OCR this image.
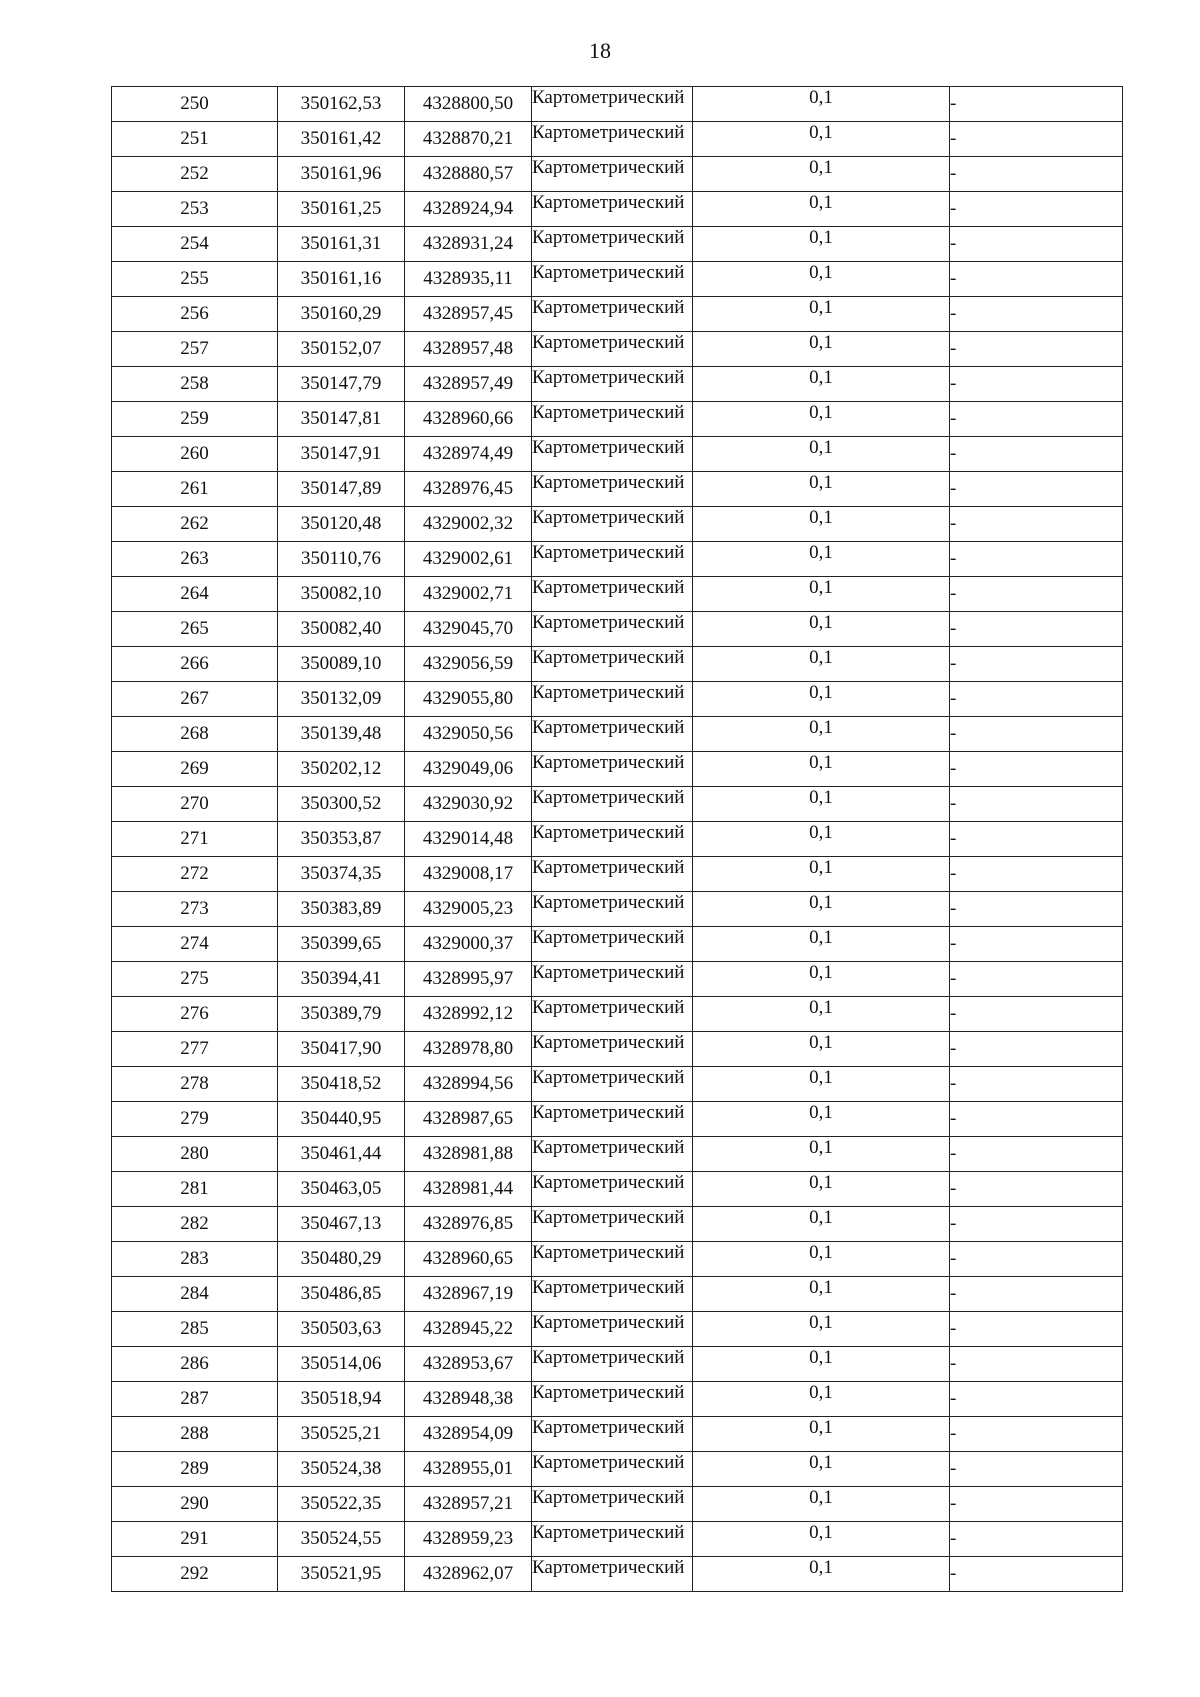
18
250	350162,53	4328800,50	Картометрический	0,1	-
251	350161,42	4328870,21	Картометрический	0,1	-
252	350161,96	4328880,57	Картометрический	0,1	-
253	350161,25	4328924,94	Картометрический	0,1	-
254	350161,31	4328931,24	Картометрический	0,1	-
255	350161,16	4328935,11	Картометрический	0,1	-
256	350160,29	4328957,45	Картометрический	0,1	-
257	350152,07	4328957,48	Картометрический	0,1	-
258	350147,79	4328957,49	Картометрический	0,1	-
259	350147,81	4328960,66	Картометрический	0,1	-
260	350147,91	4328974,49	Картометрический	0,1	-
261	350147,89	4328976,45	Картометрический	0,1	-
262	350120,48	4329002,32	Картометрический	0,1	-
263	350110,76	4329002,61	Картометрический	0,1	-
264	350082,10	4329002,71	Картометрический	0,1	-
265	350082,40	4329045,70	Картометрический	0,1	-
266	350089,10	4329056,59	Картометрический	0,1	-
267	350132,09	4329055,80	Картометрический	0,1	-
268	350139,48	4329050,56	Картометрический	0,1	-
269	350202,12	4329049,06	Картометрический	0,1	-
270	350300,52	4329030,92	Картометрический	0,1	-
271	350353,87	4329014,48	Картометрический	0,1	-
272	350374,35	4329008,17	Картометрический	0,1	-
273	350383,89	4329005,23	Картометрический	0,1	-
274	350399,65	4329000,37	Картометрический	0,1	-
275	350394,41	4328995,97	Картометрический	0,1	-
276	350389,79	4328992,12	Картометрический	0,1	-
277	350417,90	4328978,80	Картометрический	0,1	-
278	350418,52	4328994,56	Картометрический	0,1	-
279	350440,95	4328987,65	Картометрический	0,1	-
280	350461,44	4328981,88	Картометрический	0,1	-
281	350463,05	4328981,44	Картометрический	0,1	-
282	350467,13	4328976,85	Картометрический	0,1	-
283	350480,29	4328960,65	Картометрический	0,1	-
284	350486,85	4328967,19	Картометрический	0,1	-
285	350503,63	4328945,22	Картометрический	0,1	-
286	350514,06	4328953,67	Картометрический	0,1	-
287	350518,94	4328948,38	Картометрический	0,1	-
288	350525,21	4328954,09	Картометрический	0,1	-
289	350524,38	4328955,01	Картометрический	0,1	-
290	350522,35	4328957,21	Картометрический	0,1	-
291	350524,55	4328959,23	Картометрический	0,1	-
292	350521,95	4328962,07	Картометрический	0,1	-
